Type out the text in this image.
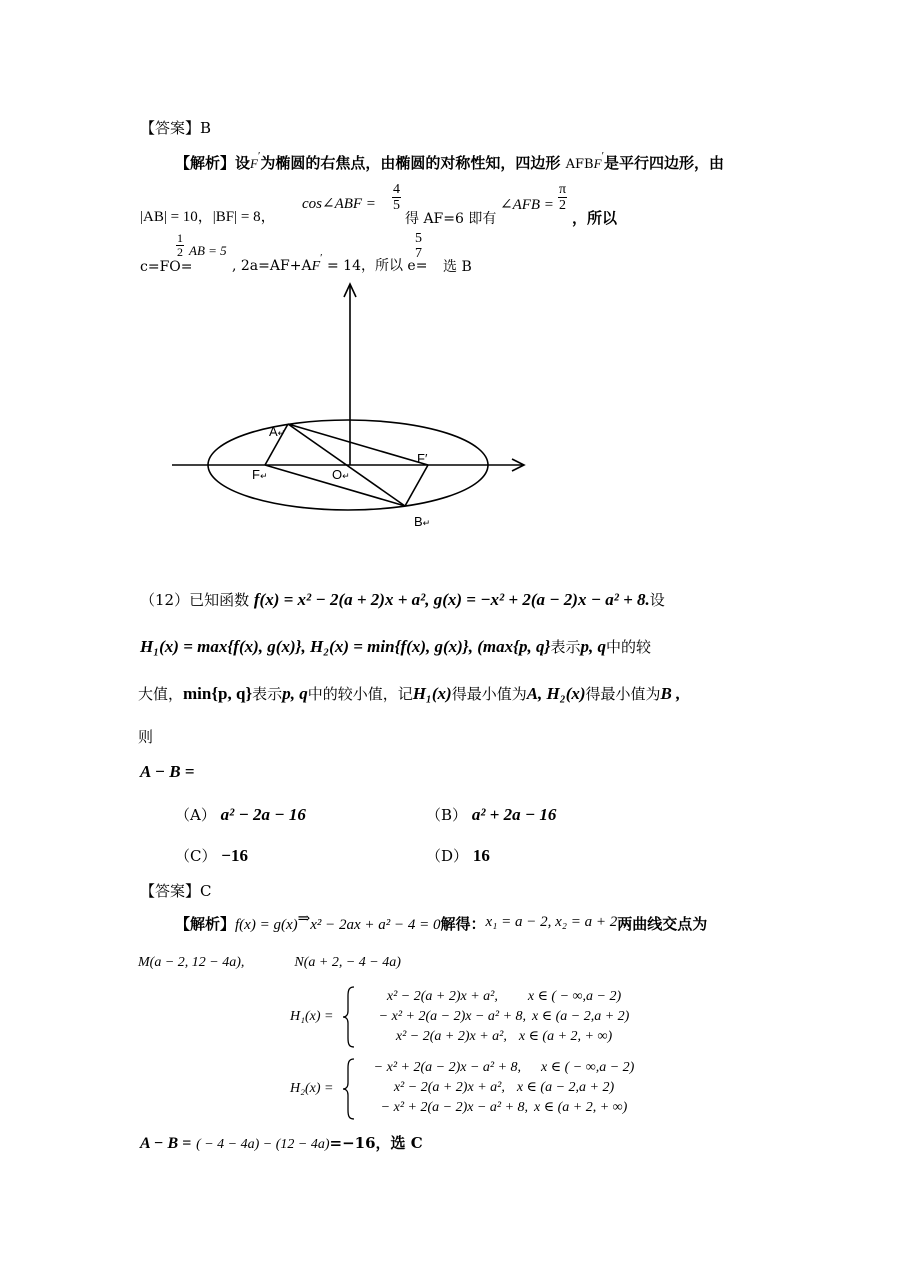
【答案】B
【解析】设F′为椭圆的右焦点，由椭圆的对称性知，四边形 AFBF′是平行四边形，由
|AB| = 10，|BF| = 8，
cos∠ABF = $\frac{4}{5}$
得 AF=6 即有
∠AFB = $\frac{\pi}{2}$
，所以
$\frac{1}{2}$ AB = 5
c=FO=	, 2a=AF+AF′ = 14，所以 e=
5
7
选 B
A↵
F↵	O↵
F′
B↵
（12）已知函数 f(x) = x² − 2(a + 2)x + a², g(x) = −x² + 2(a − 2)x − a² + 8.设
H₁(x) = max{f(x), g(x)}, H₂(x) = min{f(x), g(x)}, (max{p, q}表示p, q中的较
大值，min{p, q}表示p, q中的较小值，记H₁(x)得最小值为A, H₂(x)得最小值为B ,
则
A − B =
（A） a² − 2a − 16	（B） a² + 2a − 16
（C） −16	（D） 16
【答案】C
【解析】f(x) = g(x)⇒x² − 2ax + a² − 4 = 0解得：x₁ = a − 2, x₂ = a + 2两曲线交点为
M(a − 2, 12 − 4a),	N(a + 2, − 4 − 4a)
H₁(x) =
x² − 2(a + 2)x + a², x ∈ ( − ∞,a − 2)
− x² + 2(a − 2)x − a² + 8, x ∈ (a − 2,a + 2)
x² − 2(a + 2)x + a², x ∈ (a + 2, + ∞)
H₂(x) =
− x² + 2(a − 2)x − a² + 8, x ∈ ( − ∞,a − 2)
x² − 2(a + 2)x + a², x ∈ (a − 2,a + 2)
− x² + 2(a − 2)x − a² + 8, x ∈ (a + 2, + ∞)
A − B = ( − 4 − 4a) − (12 − 4a)=−16，选 C
